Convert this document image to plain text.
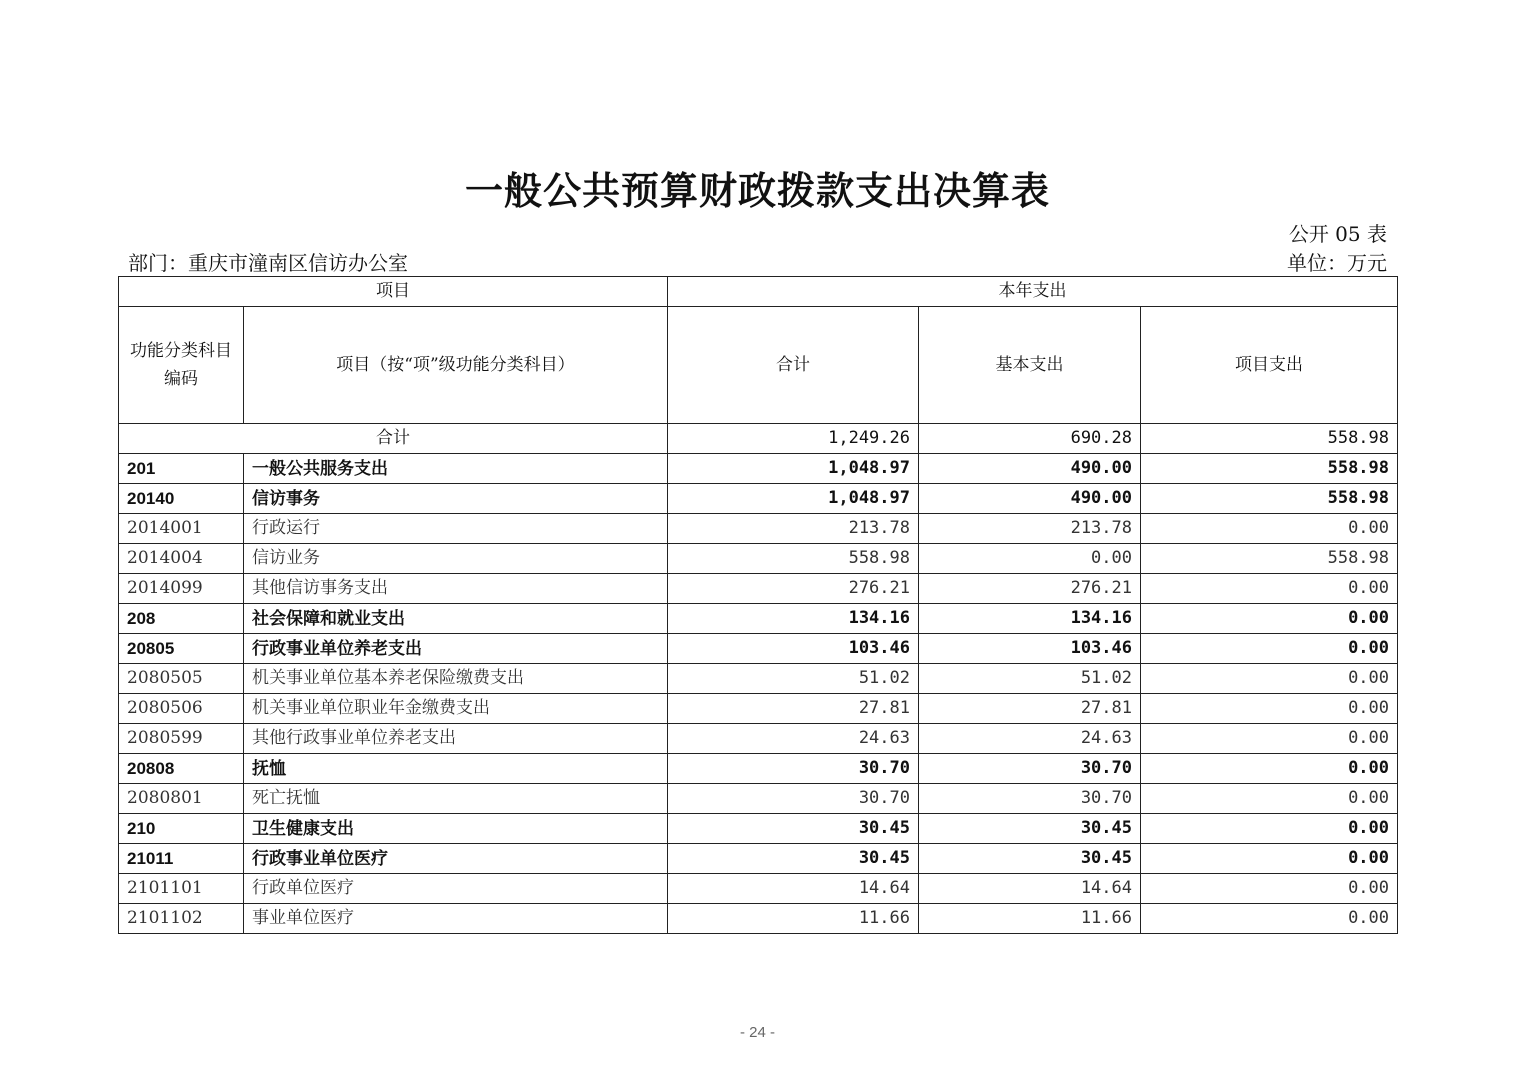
一般公共预算财政拨款支出决算表
公开 05 表
部门：重庆市潼南区信访办公室	单位：万元
项目		本年支出		
功能分类科目编码	项目（按“项”级功能分类科目）	合计	基本支出	项目支出
合计		1,249.26	690.28	558.98
201	一般公共服务支出	1,048.97	490.00	558.98
20140	信访事务	1,048.97	490.00	558.98
2014001	行政运行	213.78	213.78	0.00
2014004	信访业务	558.98	0.00	558.98
2014099	其他信访事务支出	276.21	276.21	0.00
208	社会保障和就业支出	134.16	134.16	0.00
20805	行政事业单位养老支出	103.46	103.46	0.00
2080505	机关事业单位基本养老保险缴费支出	51.02	51.02	0.00
2080506	机关事业单位职业年金缴费支出	27.81	27.81	0.00
2080599	其他行政事业单位养老支出	24.63	24.63	0.00
20808	抚恤	30.70	30.70	0.00
2080801	死亡抚恤	30.70	30.70	0.00
210	卫生健康支出	30.45	30.45	0.00
21011	行政事业单位医疗	30.45	30.45	0.00
2101101	行政单位医疗	14.64	14.64	0.00
2101102	事业单位医疗	11.66	11.66	0.00
- 24 -
